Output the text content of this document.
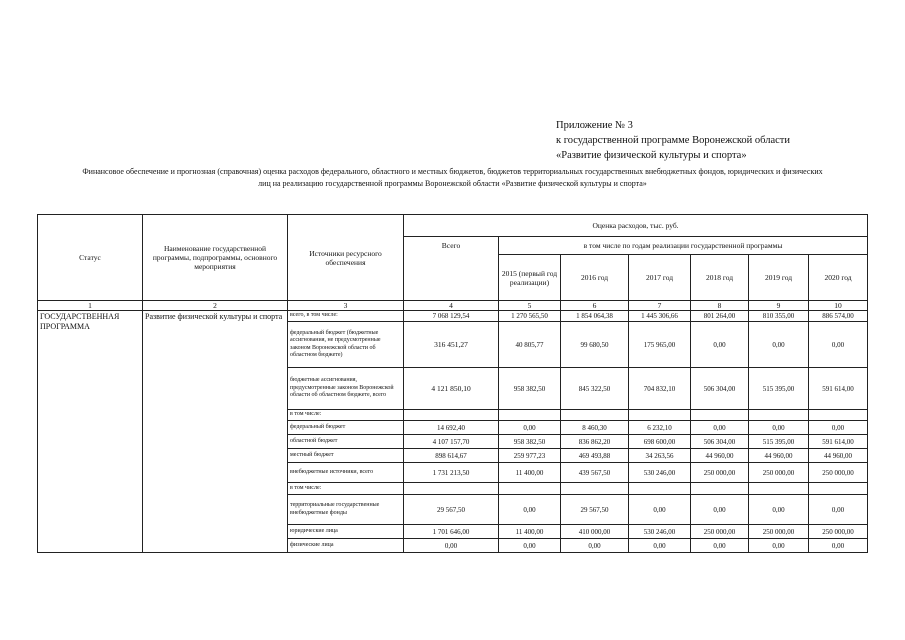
Приложение № 3
к государственной программе Воронежской области
«Развитие физической культуры и спорта»
Финансовое обеспечение и прогнозная (справочная) оценка расходов федерального, областного и местных бюджетов, бюджетов территориальных государственных внебюджетных фондов, юридических и физических
лиц на реализацию государственной программы Воронежской области «Развитие физической культуры и спорта»
Статус	Наименование государственной программы, подпрограммы, основного мероприятия	Источники ресурсного обеспечения	Оценка расходов, тыс. руб.						
			Всего	в том числе по годам реализации государственной программы					
				2015 (первый год реализации)	2016 год	2017 год	2018 год	2019 год	2020 год
1	2	3	4	5	6	7	8	9	10
ГОСУДАРСТВЕННАЯ ПРОГРАММА	Развитие физической культуры и спорта	всего, в том числе:	7 068 129,54	1 270 565,50	1 854 064,38	1 445 306,66	801 264,00	810 355,00	886 574,00
		федеральный бюджет (бюджетные ассигнования, не предусмотренные законом Воронежской области об областном бюджете)	316 451,27	40 805,77	99 680,50	175 965,00	0,00	0,00	0,00
		бюджетные ассигнования, предусмотренные законом Воронежской области об областном бюджете, всего	4 121 850,10	958 382,50	845 322,50	704 832,10	506 304,00	515 395,00	591 614,00
		в том числе:							
		федеральный бюджет	14 692,40	0,00	8 460,30	6 232,10	0,00	0,00	0,00
		областной бюджет	4 107 157,70	958 382,50	836 862,20	698 600,00	506 304,00	515 395,00	591 614,00
		местный бюджет	898 614,67	259 977,23	469 493,88	34 263,56	44 960,00	44 960,00	44 960,00
		внебюджетные источники, всего	1 731 213,50	11 400,00	439 567,50	530 246,00	250 000,00	250 000,00	250 000,00
		в том числе:							
		территориальные государственные внебюджетные фонды	29 567,50	0,00	29 567,50	0,00	0,00	0,00	0,00
		юридические лица	1 701 646,00	11 400,00	410 000,00	530 246,00	250 000,00	250 000,00	250 000,00
		физические лица	0,00	0,00	0,00	0,00	0,00	0,00	0,00
